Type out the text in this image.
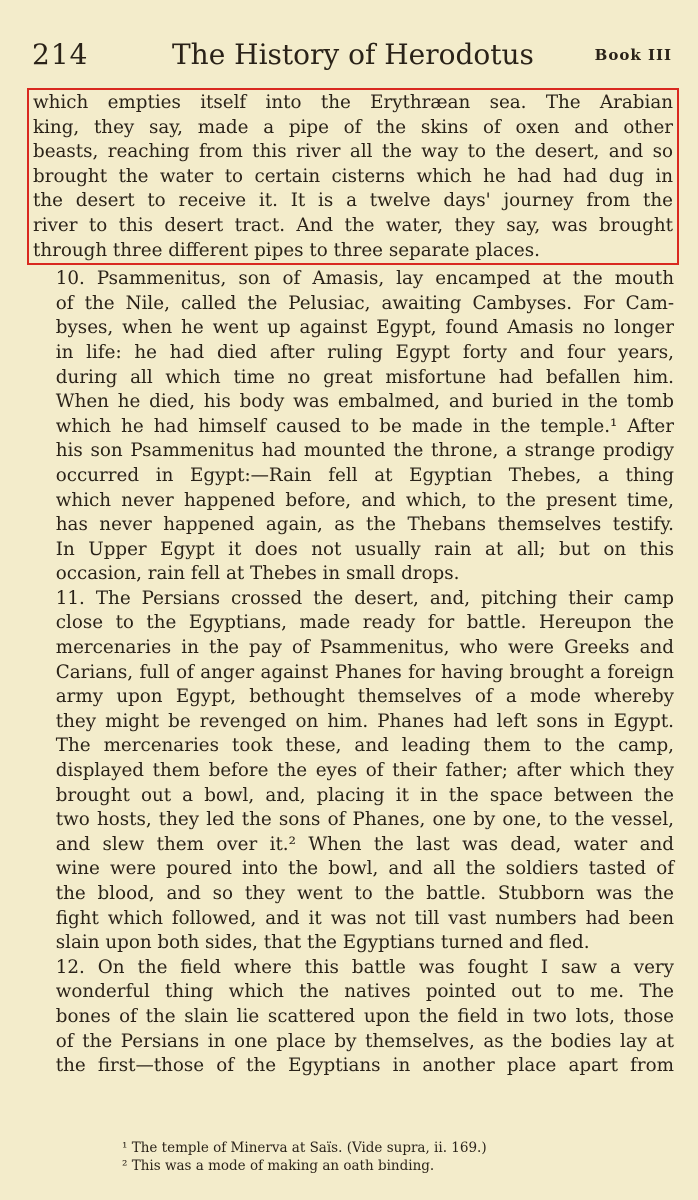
214	The History of Herodotus	Book III
which empties itself into the Erythræan sea. The Arabian
king, they say, made a pipe of the skins of oxen and other
beasts, reaching from this river all the way to the desert, and so
brought the water to certain cisterns which he had had dug in
the desert to receive it. It is a twelve days' journey from the
river to this desert tract. And the water, they say, was brought
through three different pipes to three separate places.
10. Psammenitus, son of Amasis, lay encamped at the mouth
of the Nile, called the Pelusiac, awaiting Cambyses. For Cam-
byses, when he went up against Egypt, found Amasis no longer
in life: he had died after ruling Egypt forty and four years,
during all which time no great misfortune had befallen him.
When he died, his body was embalmed, and buried in the tomb
which he had himself caused to be made in the temple.¹ After
his son Psammenitus had mounted the throne, a strange prodigy
occurred in Egypt:—Rain fell at Egyptian Thebes, a thing
which never happened before, and which, to the present time,
has never happened again, as the Thebans themselves testify.
In Upper Egypt it does not usually rain at all; but on this
occasion, rain fell at Thebes in small drops.
11. The Persians crossed the desert, and, pitching their camp
close to the Egyptians, made ready for battle. Hereupon the
mercenaries in the pay of Psammenitus, who were Greeks and
Carians, full of anger against Phanes for having brought a foreign
army upon Egypt, bethought themselves of a mode whereby
they might be revenged on him. Phanes had left sons in Egypt.
The mercenaries took these, and leading them to the camp,
displayed them before the eyes of their father; after which they
brought out a bowl, and, placing it in the space between the
two hosts, they led the sons of Phanes, one by one, to the vessel,
and slew them over it.² When the last was dead, water and
wine were poured into the bowl, and all the soldiers tasted of
the blood, and so they went to the battle. Stubborn was the
fight which followed, and it was not till vast numbers had been
slain upon both sides, that the Egyptians turned and fled.
12. On the field where this battle was fought I saw a very
wonderful thing which the natives pointed out to me. The
bones of the slain lie scattered upon the field in two lots, those
of the Persians in one place by themselves, as the bodies lay at
the first—those of the Egyptians in another place apart from
¹ The temple of Minerva at Saïs. (Vide supra, ii. 169.)
² This was a mode of making an oath binding.
